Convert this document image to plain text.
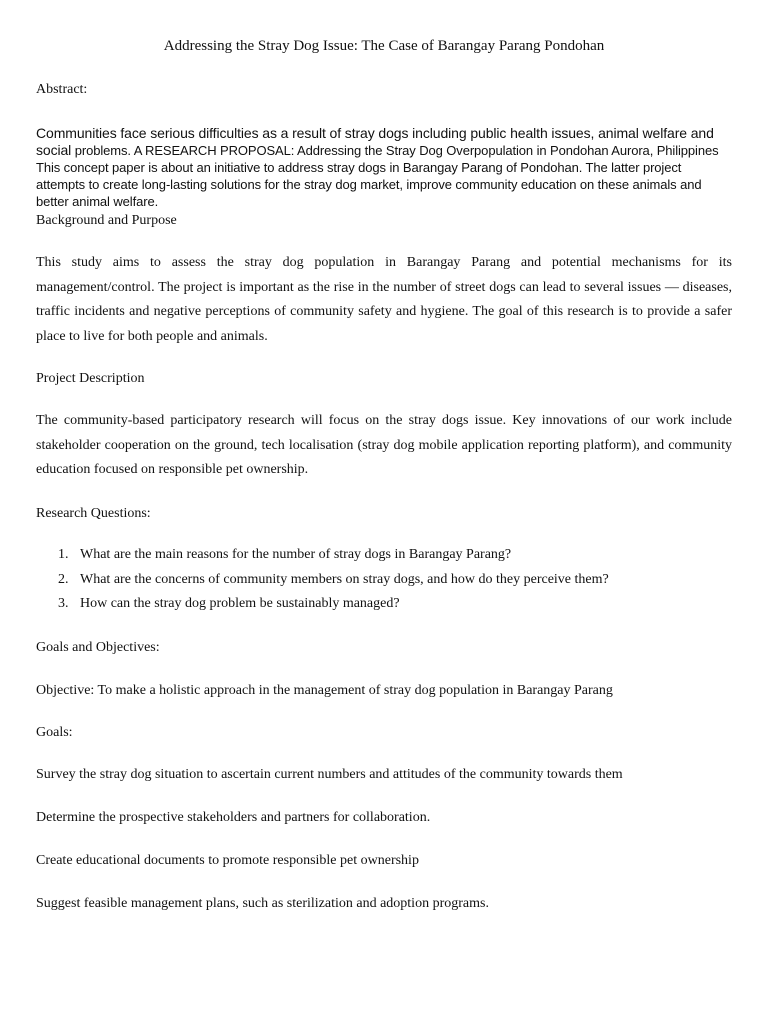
Addressing the Stray Dog Issue: The Case of Barangay Parang Pondohan
Abstract:
Communities face serious difficulties as a result of stray dogs including public health issues, animal welfare and social problems. A RESEARCH PROPOSAL: Addressing the Stray Dog Overpopulation in Pondohan Aurora, Philippines This concept paper is about an initiative to address stray dogs in Barangay Parang of Pondohan. The latter project attempts to create long-lasting solutions for the stray dog market, improve community education on these animals and better animal welfare.
Background and Purpose
This study aims to assess the stray dog population in Barangay Parang and potential mechanisms for its management/control. The project is important as the rise in the number of street dogs can lead to several issues — diseases, traffic incidents and negative perceptions of community safety and hygiene. The goal of this research is to provide a safer place to live for both people and animals.
Project Description
The community-based participatory research will focus on the stray dogs issue. Key innovations of our work include stakeholder cooperation on the ground, tech localisation (stray dog mobile application reporting platform), and community education focused on responsible pet ownership.
Research Questions:
1. What are the main reasons for the number of stray dogs in Barangay Parang?
2. What are the concerns of community members on stray dogs, and how do they perceive them?
3. How can the stray dog problem be sustainably managed?
Goals and Objectives:
Objective: To make a holistic approach in the management of stray dog population in Barangay Parang
Goals:
Survey the stray dog situation to ascertain current numbers and attitudes of the community towards them
Determine the prospective stakeholders and partners for collaboration.
Create educational documents to promote responsible pet ownership
Suggest feasible management plans, such as sterilization and adoption programs.
